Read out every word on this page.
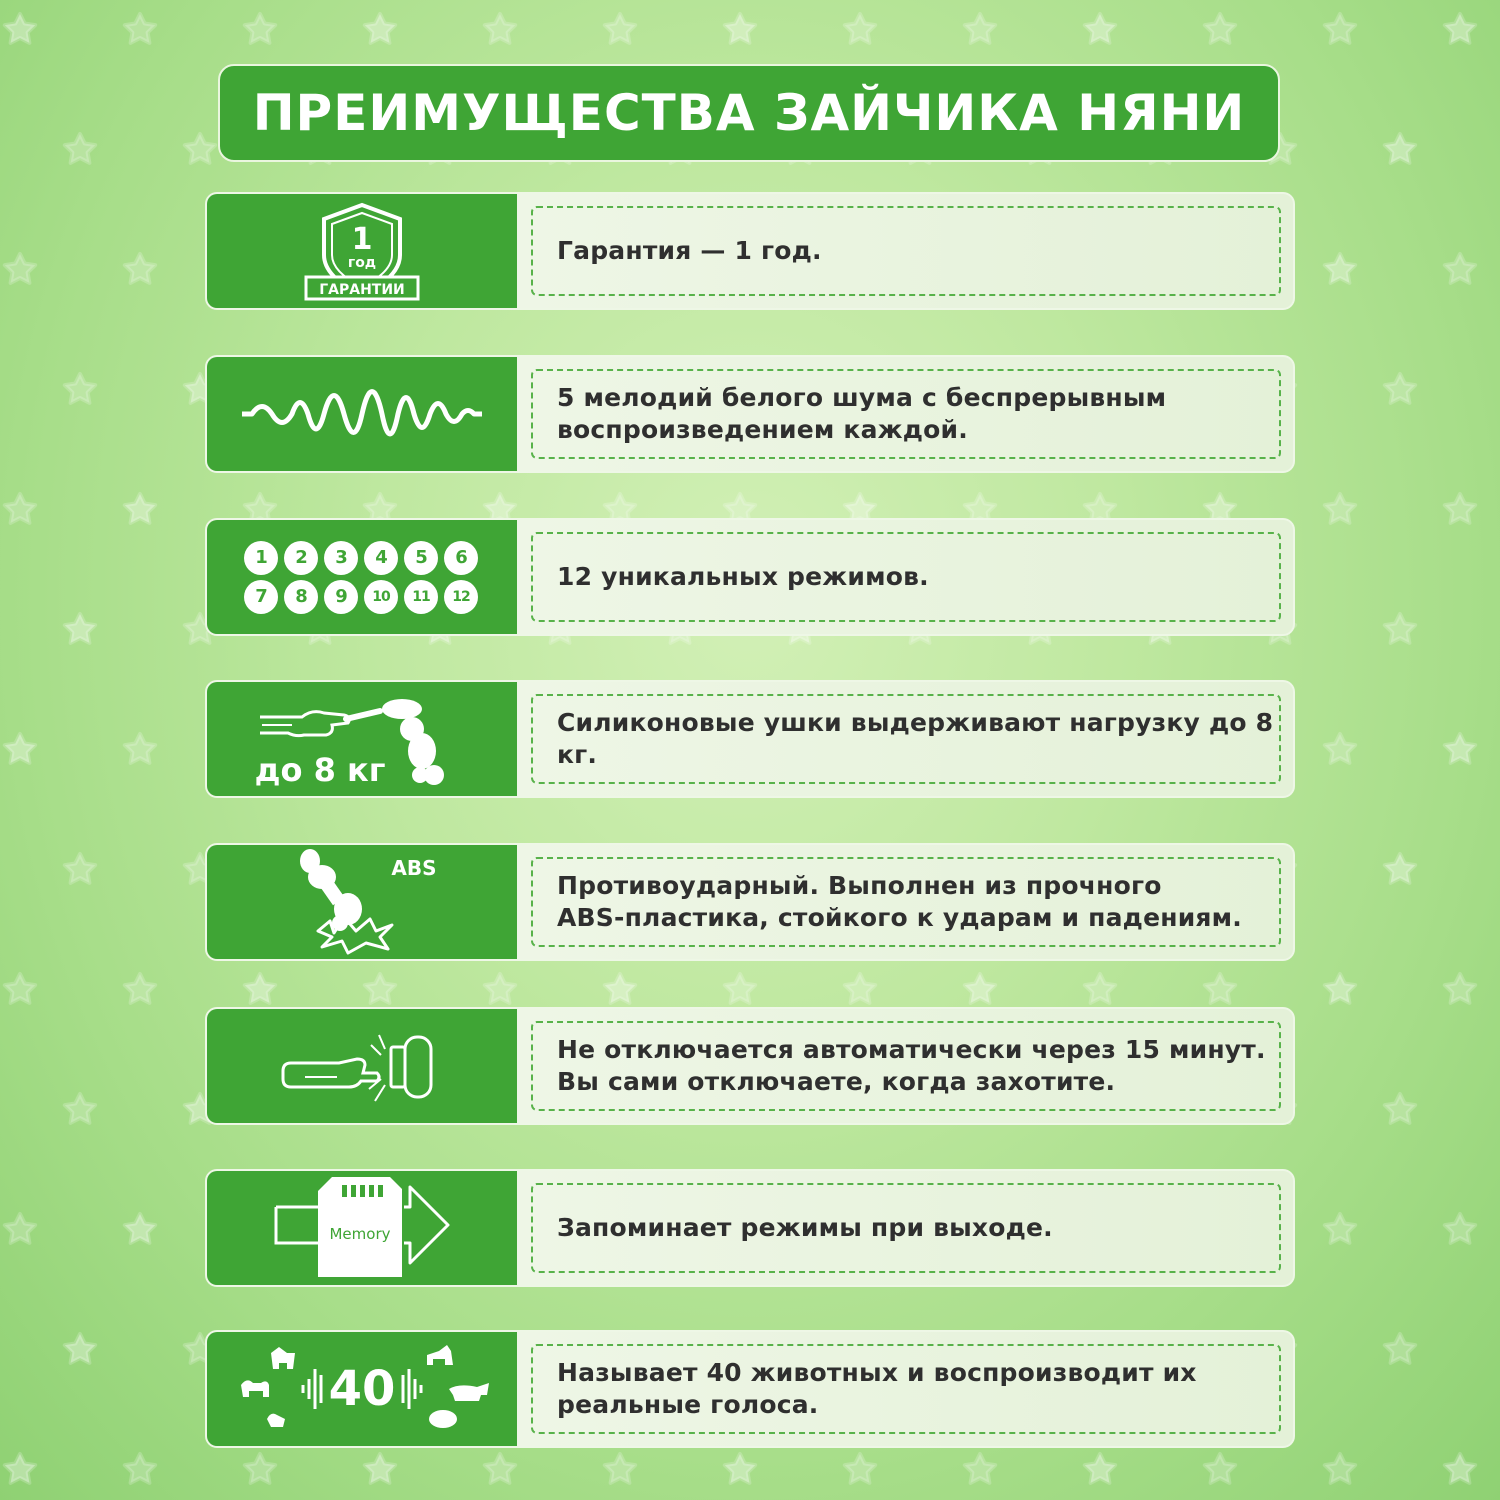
ПРЕИМУЩЕСТВА ЗАЙЧИКА НЯНИ
1
год
ГАРАНТИИ
Гарантия — 1 год.
5 мелодий белого шума с беспрерывным
воспроизведением каждой.
1	2	3	4	5	6
7	8	9	10	11	12
12 уникальных режимов.
до 8 кг
Силиконовые ушки выдерживают нагрузку до 8 кг.
ABS
Противоударный. Выполнен из прочного
ABS-пластика, стойкого к ударам и падениям.
Не отключается автоматически через 15 минут.
Вы сами отключаете, когда захотите.
Memory	Запоминает режимы при выходе.
40	Называет 40 животных и воспроизводит их
реальные голоса.
